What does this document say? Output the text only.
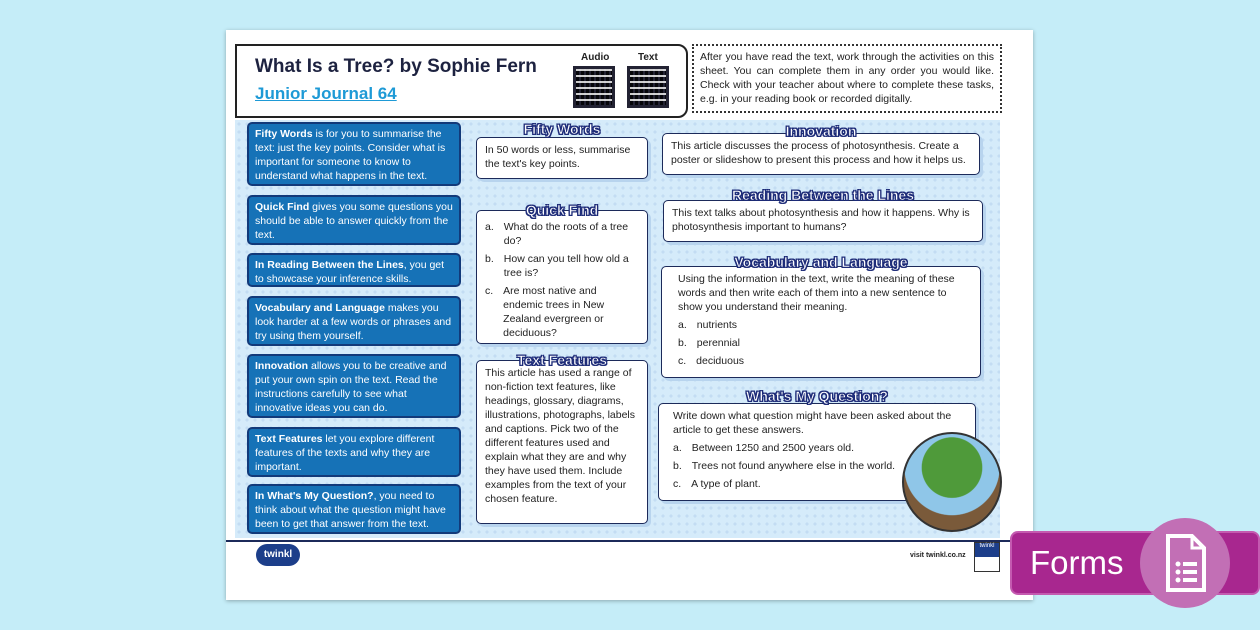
What Is a Tree? by Sophie Fern
Junior Journal 64
Audio	Text	After you have read the text, work through the activities on this sheet. You can complete them in any order you would like. Check with your teacher about where to complete these tasks, e.g. in your reading book or recorded digitally.
Fifty Words is for you to summarise the text: just the key points. Consider what is important for someone to know to understand what happens in the text.
Quick Find gives you some questions you should be able to answer quickly from the text.
In Reading Between the Lines, you get to showcase your inference skills.
Vocabulary and Language makes you look harder at a few words or phrases and try using them yourself.
Innovation allows you to be creative and put your own spin on the text. Read the instructions carefully to see what innovative ideas you can do.
Text Features let you explore different features of the texts and why they are important.
In What's My Question?, you need to think about what the question might have been to get that answer from the text.
In 50 words or less, summarise the text's key points.
Fifty Words
a. What do the roots of a tree do?
b. How can you tell how old a tree is?
c. Are most native and endemic trees in New Zealand evergreen or deciduous?
Quick Find
This article has used a range of non-fiction text features, like headings, glossary, diagrams, illustrations, photographs, labels and captions. Pick two of the different features used and explain what they are and why they have used them. Include examples from the text of your chosen feature.
Text Features
This article discusses the process of photosynthesis. Create a poster or slideshow to present this process and how it helps us.
Innovation
This text talks about photosynthesis and how it happens. Why is photosynthesis important to humans?
Reading Between the Lines
Using the information in the text, write the meaning of these words and then write each of them into a new sentence to show you understand their meaning.
a. nutrients
b. perennial
c. deciduous
Vocabulary and Language
Write down what question might have been asked about the article to get these answers.
a. Between 1250 and 2500 years old.
b. Trees not found anywhere else in the world.
c. A type of plant.
What's My Question?
twinkl	visit twinkl.co.nz
twinkl Forms
